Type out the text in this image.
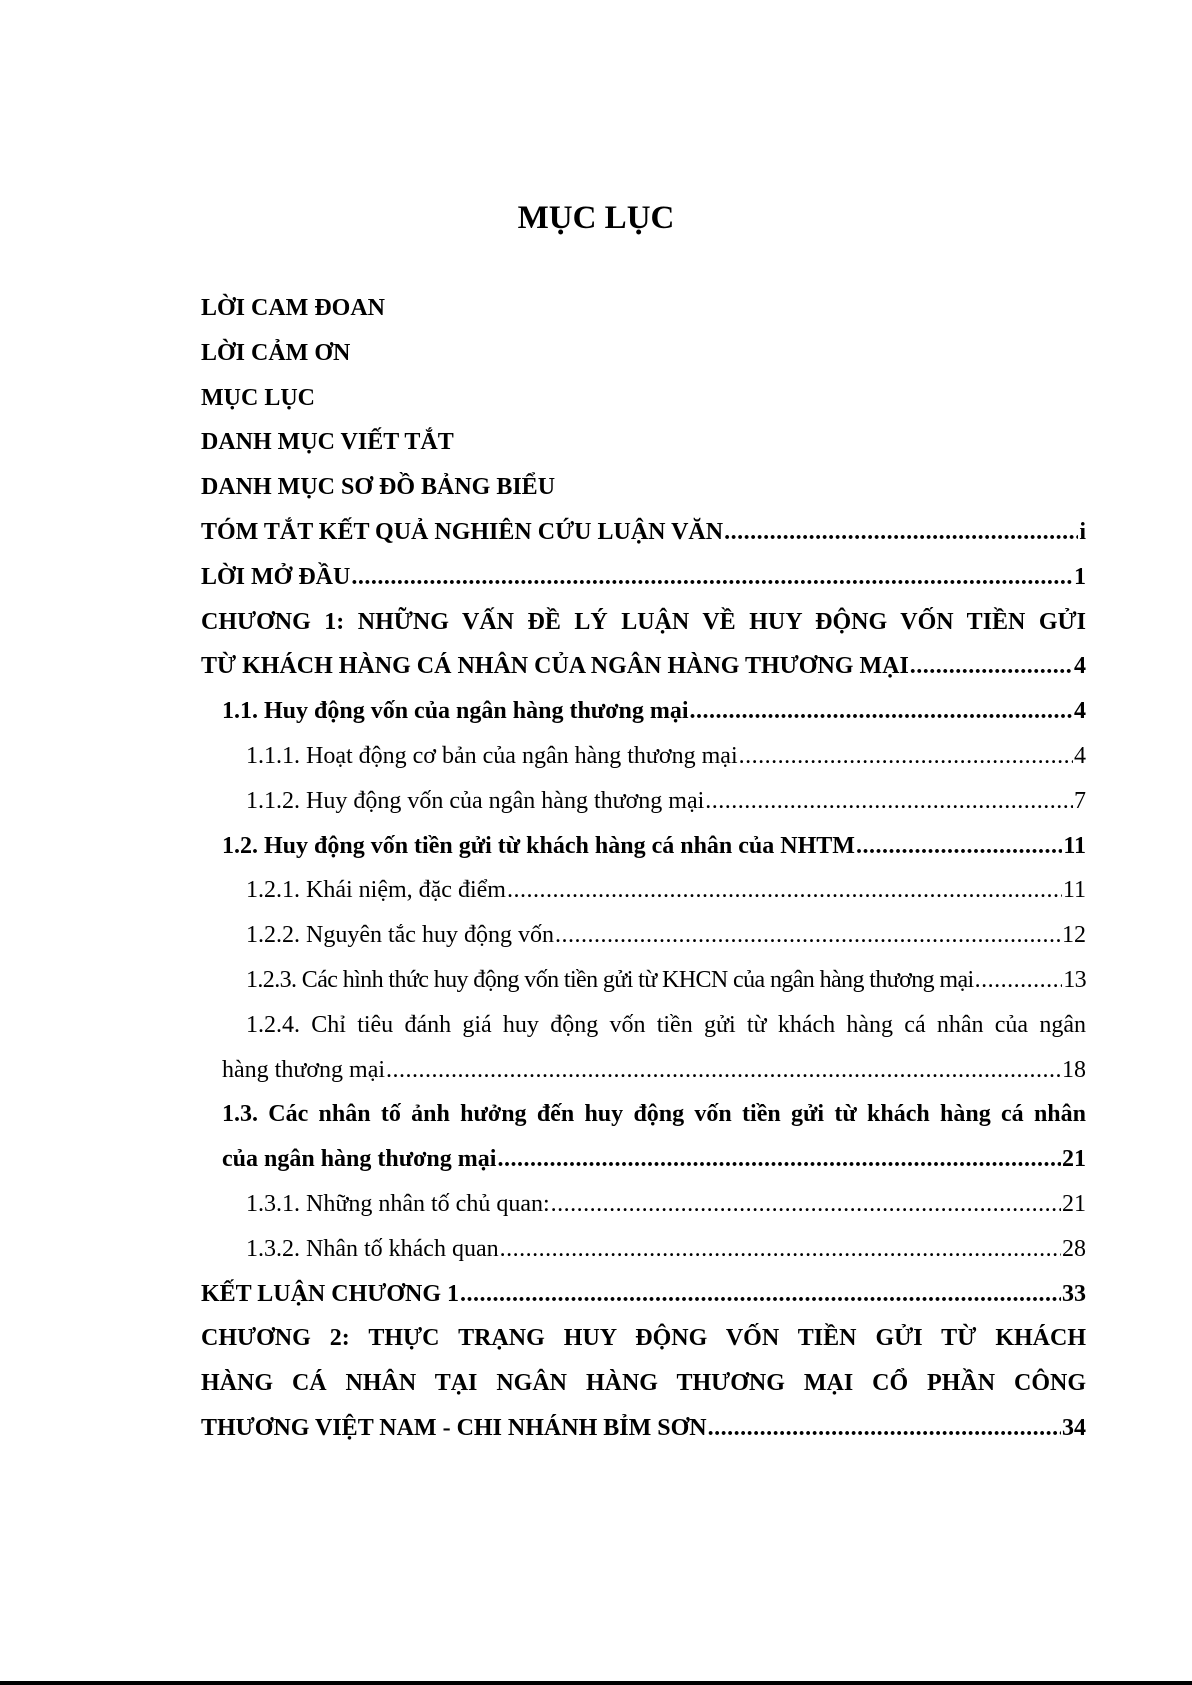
MỤC LỤC
LỜI CAM ĐOAN
LỜI CẢM ƠN
MỤC LỤC
DANH MỤC VIẾT TẮT
DANH MỤC SƠ ĐỒ BẢNG BIỂU
TÓM TẮT KẾT QUẢ NGHIÊN CỨU LUẬN VĂN .....	i
LỜI MỞ ĐẦU .....	1
CHƯƠNG 1: NHỮNG VẤN ĐỀ LÝ LUẬN VỀ HUY ĐỘNG VỐN TIỀN GỬI
TỪ KHÁCH HÀNG CÁ NHÂN CỦA NGÂN HÀNG THƯƠNG MẠI .....	4
1.1. Huy động vốn của ngân hàng thương mại .....	4
1.1.1. Hoạt động cơ bản của ngân hàng thương mại .....	4
1.1.2. Huy động vốn của ngân hàng thương mại .....	7
1.2. Huy động vốn tiền gửi từ khách hàng cá nhân của NHTM .....	11
1.2.1. Khái niệm, đặc điểm .....	11
1.2.2. Nguyên tắc huy động vốn .....	12
1.2.3. Các hình thức huy động vốn tiền gửi từ KHCN của ngân hàng thương mại .....	13
1.2.4. Chỉ tiêu đánh giá huy động vốn tiền gửi từ khách hàng cá nhân của ngân
hàng thương mại .....	18
1.3. Các nhân tố ảnh hưởng đến huy động vốn tiền gửi từ khách hàng cá nhân
của ngân hàng thương mại .....	21
1.3.1. Những nhân tố chủ quan: .....	21
1.3.2. Nhân tố khách quan .....	28
KẾT LUẬN CHƯƠNG 1 .....	33
CHƯƠNG 2: THỰC TRẠNG HUY ĐỘNG VỐN TIỀN GỬI TỪ KHÁCH
HÀNG CÁ NHÂN TẠI NGÂN HÀNG THƯƠNG MẠI CỔ PHẦN CÔNG
THƯƠNG VIỆT NAM - CHI NHÁNH BỈM SƠN .....	34
